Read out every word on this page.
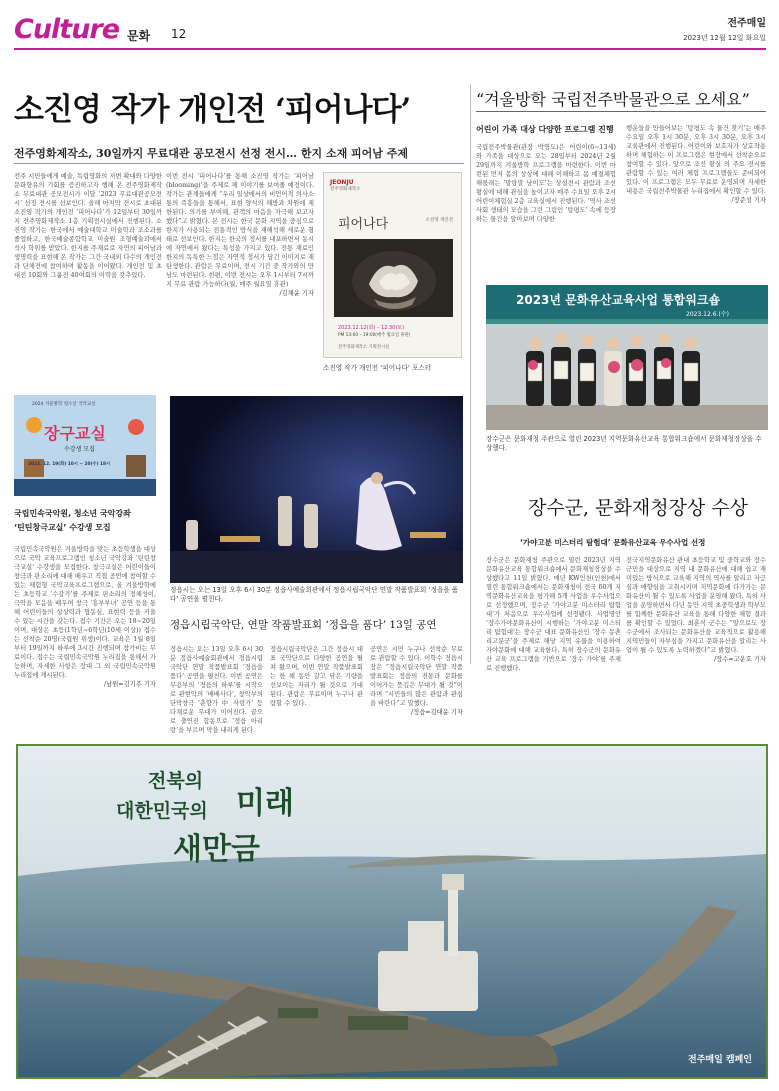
Culture 문화 12
전주매일
2023년 12월 12일 화요일
소진영 작가 개인전 ‘피어나다’
전주영화제작소, 30일까지 무료대관 공모전시 선정 전시… 한지 소재 피어남 주제
전주 시민들에게 예술, 독립영화의 저변 확대와 다양한 문화향유의 기회를 증진하고자 행해 온 전주영화제작소 무료대관 공모전시가 이달 ‘2023 무료대관공모전시’ 선정 전시를 선보인다. 올해 마지막 전시로 초대된 소진영 작가의 개인전 ‘피어나다’가 12일부터 30일까지 전주영화제작소 1층 기획전시실에서 진행된다. 소진영 작가는 한국에서 예술대학교 미술학과 조소과를 졸업하고, 한국예술종합학교 미술원 조형예술과에서 석사 학위를 받았다. 한지를 주재료로 자연의 피어남과 생명력을 표현해 온 작가는 그간 국내외 다수의 개인전과 단체전에 참여하며 활동을 이어왔다. 개인전 및 초대전 10회와 그룹전 40여회의 이력을 갖추었다.
이번 전시 ‘피어나다’를 통해 소진영 작가는 ‘피어남(blooming)’을 주제로 해 이야기를 보여줄 예정이다. 작가는 관계들에게 “우리 일상에서의 비언어적 의사소통의 즉흥들을 통해서, 표현 양식의 해방과 차원에 제한된다. 의기를 부여해, 관객의 마음을 자극해 보고자 했다”고 밝혔다. 본 전시는 한국 문화 지역을 중심으로 한지가 사용되는 전통적인 방식을 재해석해 새로운 형태로 선보인다. 한지는 한국의 정서를 내포하면서 동시에 자연에서 왔다는 특성을 가지고 있다. 전통 재료인 한지의 독특한 느낌은 자연적 정서가 담긴 이미지로 재탄생한다. 관람은 무료이며, 전시 기간 중 작가와의 만남도 마련된다. 한편, 이번 전시는 오후 1시부터 7시까지 무료 관람 가능하다(월, 매주 월요일 휴관)
/김채윤 기자
JEONJU
전주영화제작소
피어나다	소진영 개인전
2023.12.12(화) – 12.30(토)
PM 13:00 – 19:00(매주 월요일 휴관)
전주영화제작소 기획전시실
소진영 작가 개인전 ‘피어나다’ 포스터
“겨울방학 국립전주박물관으로 오세요”
어린이 가족 대상 다양한 프로그램 진행
국립전주박물관(관장 박영도)은 어린이(6∼13세)와 가족을 대상으로 오는 28일부터 2024년 2월 29일까지 겨울방학 프로그램을 마련한다. 이번 마련된 먼저 몸의 상상에 대해 이해하고 몸 예절체험 해볼래는 ‘말랑말 냥이도’는 상설전시 관람과 조선왕실에 대해 관심을 높이고자 매주 수요일 오후 2시 어린이체험실 2층 교육실에서 진행된다. ‘역사 조선사회 생태의 모습을 그린 그림인 ‘탕평도’ 속에 등장하는 물건을 알아보며 다양한
행운들을 만들어보는 ‘탕평도 속 물건 찾기’는 매주 수요일 오후 1시 30분, 오후 3시 30분, 오후 3시 교육관에서 진행된다. 어린이와 보호자가 상호작용하며 체험하는 이 프로그램은 현장에서 선착순으로 참여할 수 있다. 앞으로 조선 왕실 의 주요 전시를 관람할 수 있는 여러 체험 프로그램들도 준비되어 있다. 이 프로그램은 모두 무료로 운영되며 자세한 내용은 국립전주박물관 누리집에서 확인할 수 있다.
/장준성 기자
2023년 문화유산교육사업 통합워크숍
2023.12.6.(수)
장수군은 문화재청 주관으로 열린 2023년 지역문화유산교육 통합워크숍에서 문화재청장상을 수상했다.
장수군, 문화재청장상 수상
‘가야고분 미스터리 탐험대’ 문화유산교육 우수사업 선정
장수군은 문화재청 주관으로 열린 2023년 지역문화유산교육 통합워크숍에서 문화재청장상을 수상했다고 11일 밝혔다. 매년 KW인천(인천)에서 열린 통합워크숍에서는 문화재청이 전국 60개 지역문화유산교육을 평가해 5개 사업을 우수사업으로 선정했으며, 장수군 ‘가야고분 미스터리 탐험대’가 처음으로 우수사업에 선정됐다. 사업명인 ‘장수가야문화유산이 시행하는 ‘가야고분 미스터리 탐험대’는 장수군 대표 문화유산인 ‘장수 동촌리고분군’을 주제로 해당 지역 유물을 이용하여 가야문화에 대해 교육한다. 특히 장수군의 문화유산 교육 프로그램을 기반으로 ‘장수 가야’를 주제로 진행했다.
전국지역문화유산 관내 초등학교 및 중학교와 장수군민을 대상으로 지역 내 문화유산에 대해 쉽고 재미있는 방식으로 교육해 지역의 역사를 알리고 자긍심과 애향심을 고취시키며 지역문화에 다가가는 문화유산이 될 수 있도록 사업을 운영해 왔다. 특히 사업을 운영하면서 다년 동안 지역 초중학생과 학부모를 함께한 문화유산 교육을 통해 다양한 체험 결과를 확인할 수 있었다. 최훈식 군수는 “앞으로도 장수군에서 조사되는 문화유산을 교육적으로 활용해 지역민들이 자부심을 가지고 문화유산을 알리는 사업이 될 수 있도록 노력하겠다”고 밝혔다.
/장수=고운호 기자
2024 겨울방학 청소년 국악교실
장구교실
수강생 모집
2023. 12. 19(화) 10시 ~ 20(수) 18시
국립민속국악원, 청소년 국악강좌
‘틴틴창극교실’ 수강생 모집
국립민속국악원은 겨울방학을 맞는 초등학생을 대상으로 국악 교육프로그램인 청소년 국악강좌 ‘틴틴창극교실’ 수강생을 모집한다. 창극교실은 어린이들이 창극과 판소리에 대해 배우고 직접 공연에 참여할 수 있는 체험형 국악교육프로그램으로, 올 겨울방학에는 초등학교 ‘수강가’를 주제로 판소리의 정체성이, 극악을 모음을 배우며 창극 ‘흥부부녀’ 공연 등을 통해 어린이들의 상상력과 협동심, 표현력 등을 키울 수 있는 시간을 갖는다. 접수 기간은 오는 18∼20일이며, 대상은 초등(1학년∼6학년(10세 이상)) 접수는 선착순 20명(국립원 위생)이다. 교육은 1월 8일부터 19일까지 하루에 3시간 진행되며 참가비는 무료이다. 접수는 국립민속국악원 누리집을 통해서 가능하며, 자세한 사항은 장대 그 외 국립민속국악원 누리집에 게시된다.
/남원=김기주 기자
정읍시는 오는 13일 오후 6시 30분 정읍사예술회관에서 정읍시립국악단 연말 작품발표회 ‘정읍을 품다’ 공연을 펼친다.
정읍시립국악단, 연말 작품발표회 ‘정읍을 품다’ 13일 공연
정읍시는 오는 13일 오후 6시 30분 정읍사예술회관에서 정읍시립국악단 연말 작품발표회 ‘정읍을 품다’ 공연을 펼친다. 이번 공연은 무용부의 ‘정읍의 하루’를 시작으로 관현악의 ‘배배사다’, 창악부의 단막창극 ‘춘향가 中 사랑가’ 등 다채로운 무대가 이어진다. 끝으로 출연진 합동으로 ‘정읍 아리랑’을 부르며 막을 내리게 된다.
정읍시립국악단은 그간 정읍시 대표 국악단으로 다양한 공연을 펼쳐 왔으며, 이번 연말 작품발표회는 한 해 동안 갈고 닦은 기량을 선보이는 자리가 될 것으로 기대된다. 관람은 무료이며 누구나 관람할 수 있다.
공연은 시민 누구나 선착순 무료로 관람할 수 있다. 이학수 정읍시장은 “정읍시립국악단 연말 작품발표회는 정읍의 전통과 문화를 이어가는 뜻깊은 무대가 될 것”이라며 “시민들의 많은 관람과 관심을 바란다”고 말했다.
/정읍=김대윤 기자
전북의
대한민국의 미래
새만금
전주매일 캠페인
